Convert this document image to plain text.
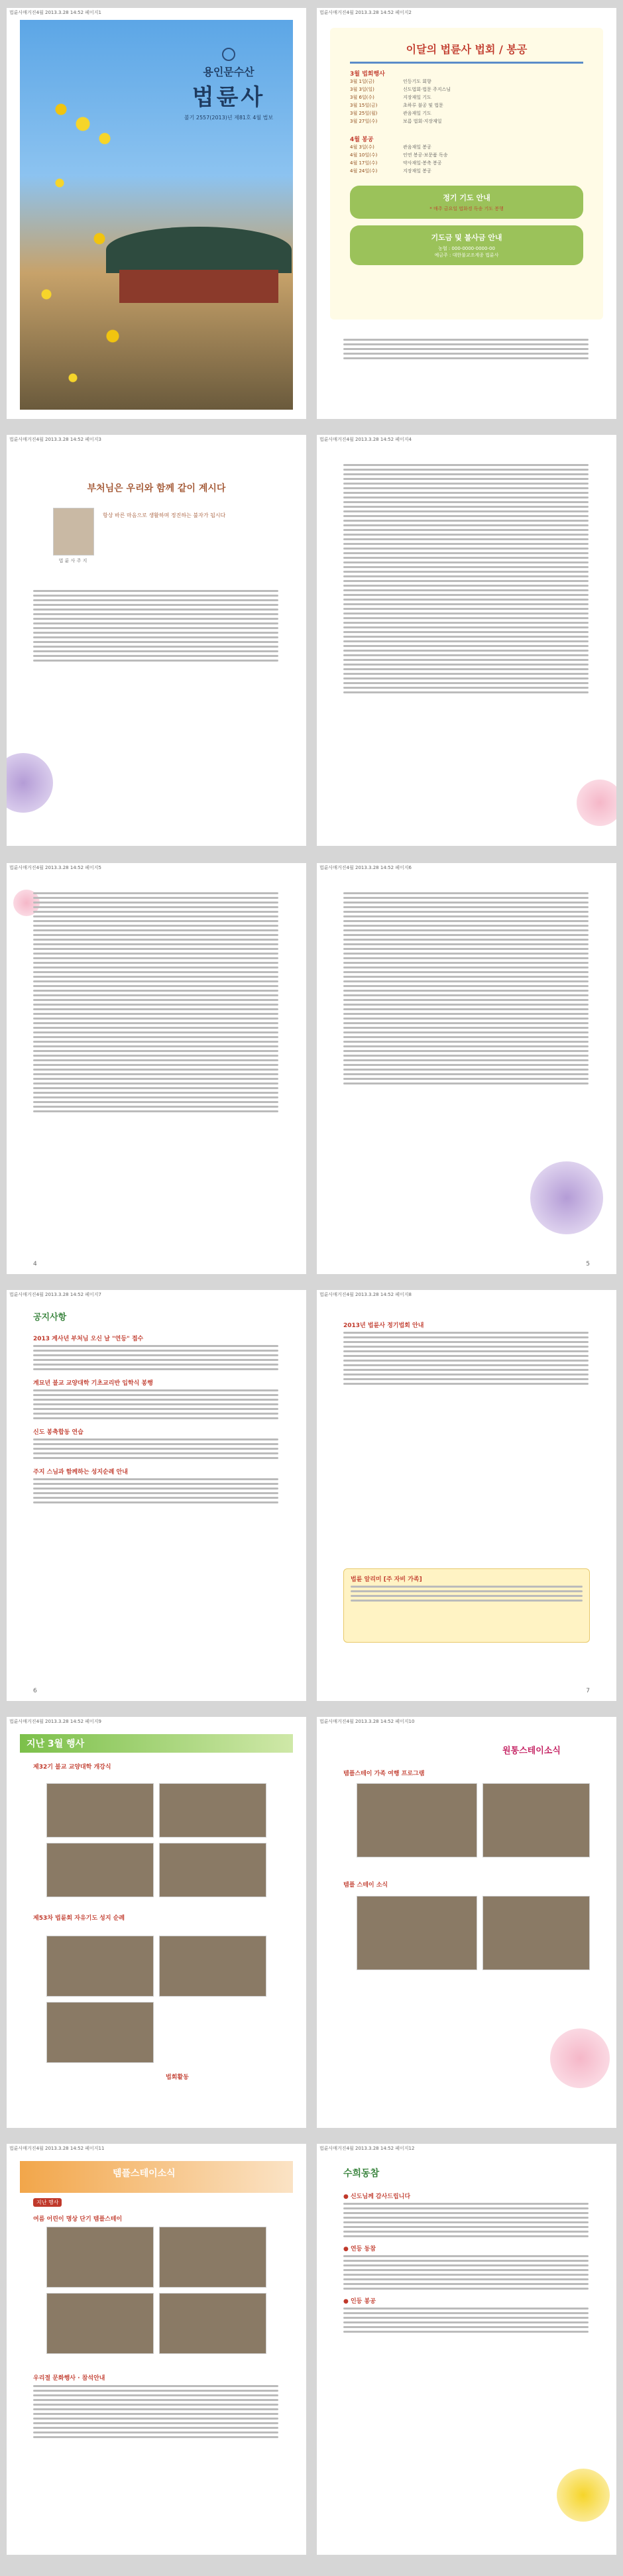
법륜사매거진4월 2013.3.28 14:52 페이지1
용인문수산
법륜사
불기 2557(2013)년 제81호 4월 법보
법륜사매거진4월 2013.3.28 14:52 페이지2
이달의 법륜사 법회 / 봉공
3월 법회행사
3월 1일(금)	인등기도 회향
3월 3일(일)	신도법회·법문 주지스님
3월 6일(수)	지장재일 기도
3월 15일(금)	초하루 불공 및 법문
3월 25일(월)	관음재일 기도
3월 27일(수)	보름 법회·지장재일
4월 봉공
4월 3일(수)	관음재일 봉공
4월 10일(수)	인연 봉공·보문품 독송
4월 17일(수)	약사재일·봉축 봉공
4월 24일(수)	지장재일 봉공
정기 기도 안내
* 매주 금요일 법화경 독송 기도 봉행
기도금 및 불사금 안내
농협 : 000-0000-0000-00
예금주 : 대한불교조계종 법륜사
법륜사매거진4월 2013.3.28 14:52 페이지3
부처님은 우리와 함께 같이 계시다
항상 바른 마음으로 생활하며 정진하는 불자가 됩시다
법 륜 사 주 지
법륜사매거진4월 2013.3.28 14:52 페이지4
법륜사매거진4월 2013.3.28 14:52 페이지5
4
법륜사매거진4월 2013.3.28 14:52 페이지6
5
법륜사매거진4월 2013.3.28 14:52 페이지7
공지사항
2013 계사년 부처님 오신 날 "연등" 접수
계묘년 불교 교양대학 기초교리반 입학식 봉행
신도 봉축합동 연습
주지 스님과 함께하는 성지순례 안내
6
법륜사매거진4월 2013.3.28 14:52 페이지8
2013년 법륜사 정기법회 안내
법륜 알리미 [주 자비 가족]
7
법륜사매거진4월 2013.3.28 14:52 페이지9
지난 3월 행사
제32기 불교 교양대학 개강식
제53차 법륜회 자유기도 성지 순례
법회활동
법륜사매거진4월 2013.3.28 14:52 페이지10
원통스테이소식
템플스테이 가족 여행 프로그램
템플 스테이 소식
법륜사매거진4월 2013.3.28 14:52 페이지11
템플스테이소식
지난 행사
여름 어린이 명상 단기 템플스테이
우리절 문화행사 · 참석안내
법륜사매거진4월 2013.3.28 14:52 페이지12
수희동참
● 신도님께 감사드립니다
● 연등 동참
● 인등 봉공
